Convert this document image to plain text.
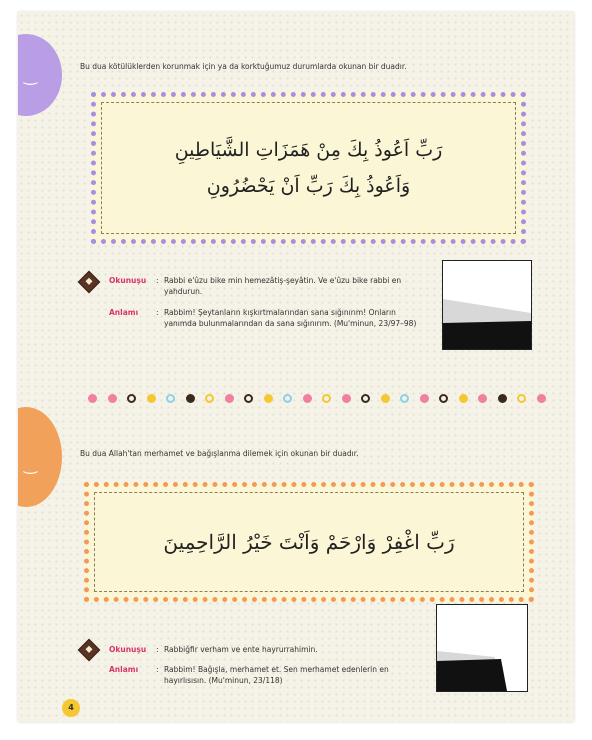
‿
‿
Bu dua kötülüklerden korunmak için ya da korktuğumuz durumlarda okunan bir duadır.
رَبِّ اَعُوذُ بِكَ مِنْ هَمَزَاتِ الشَّيَاطِينِ
وَاَعُوذُ بِكَ رَبِّ اَنْ يَحْضُرُونِ
Okunuşu : Rabbi e'ûzu bike min hemezâtiş-şeyâtin. Ve e'ûzu bike rabbi en yahdurun.
Anlamı : Rabbim! Şeytanların kışkırtmalarından sana sığınırım! Onların yanımda bulunmalarından da sana sığınırım. (Mu'minun, 23/97–98)
Bu dua Allah'tan merhamet ve bağışlanma dilemek için okunan bir duadır.
رَبِّ اغْفِرْ وَارْحَمْ وَاَنْتَ خَيْرُ الرَّاحِمِينَ
Okunuşu : Rabbiğfir verham ve ente hayrurrahimin.
Anlamı : Rabbim! Bağışla, merhamet et. Sen merhamet edenlerin en hayırlısısın. (Mu'minun, 23/118)
4
